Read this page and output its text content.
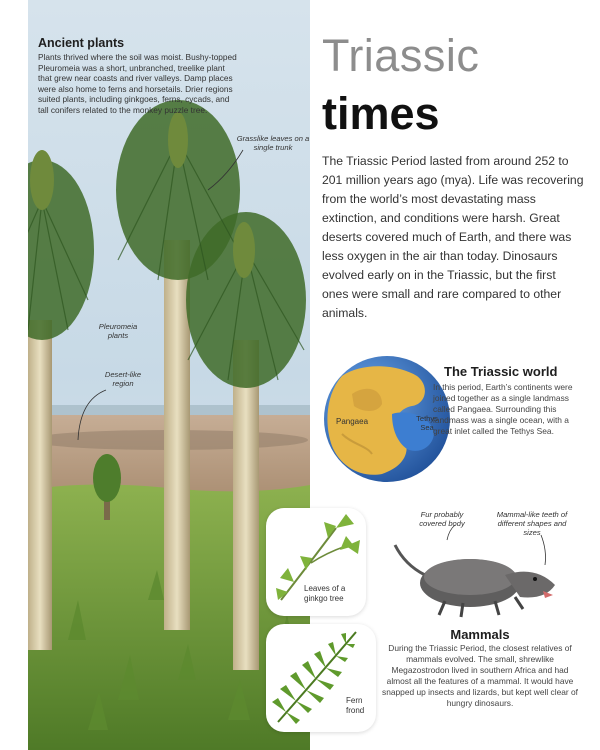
Ancient plants
Plants thrived where the soil was moist. Bushy-topped Pleuromeia was a short, unbranched, treelike plant that grew near coasts and river valleys. Damp places were also home to ferns and horsetails. Drier regions suited plants, including ginkgoes, ferns, cycads, and tall conifers related to the monkey puzzle tree.
Grasslike leaves on a single trunk
Pleuromeia plants
Desert-like region
Triassic
times
The Triassic Period lasted from around 252 to 201 million years ago (mya). Life was recovering from the world’s most devastating mass extinction, and conditions were harsh. Great deserts covered much of Earth, and there was less oxygen in the air than today. Dinosaurs evolved early on in the Triassic, but the first ones were small and rare compared to other animals.
Pangaea	Tethys Sea
The Triassic world
In this period, Earth’s continents were joined together as a single landmass called Pangaea. Surrounding this landmass was a single ocean, with a great inlet called the Tethys Sea.
Leaves of a ginkgo tree
Fern frond
Fur probably covered body
Mammal-like teeth of different shapes and sizes
Mammals
During the Triassic Period, the closest relatives of mammals evolved. The small, shrewlike Megazostrodon lived in southern Africa and had almost all the features of a mammal. It would have snapped up insects and lizards, but kept well clear of hungry dinosaurs.
